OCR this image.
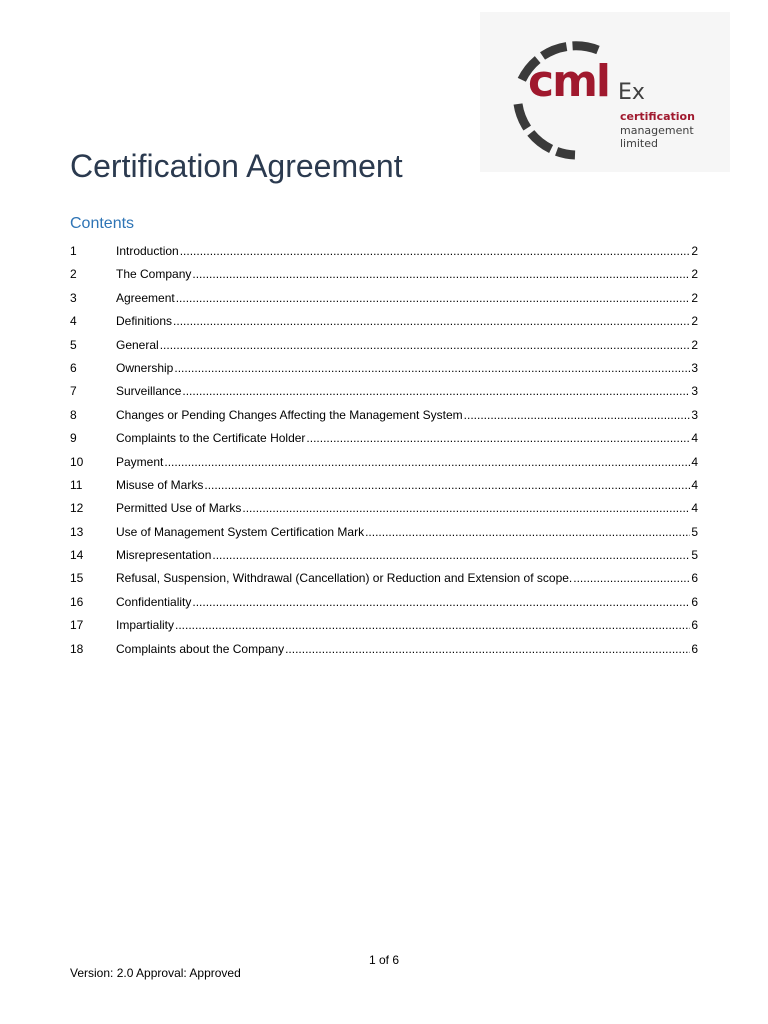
cml Ex
certification
management
limited
Certification Agreement
Contents
1	Introduction .....	2
2	The Company .....	2
3	Agreement .....	2
4	Definitions .....	2
5	General .....	2
6	Ownership .....	3
7	Surveillance .....	3
8	Changes or Pending Changes Affecting the Management System .....	3
9	Complaints to the Certificate Holder .....	4
10	Payment .....	4
11	Misuse of Marks .....	4
12	Permitted Use of Marks .....	4
13	Use of Management System Certification Mark .....	5
14	Misrepresentation .....	5
15	Refusal, Suspension, Withdrawal (Cancellation) or Reduction and Extension of scope. .....	6
16	Confidentiality .....	6
17	Impartiality .....	6
18	Complaints about the Company .....	6
1 of 6
Version: 2.0 Approval: Approved
